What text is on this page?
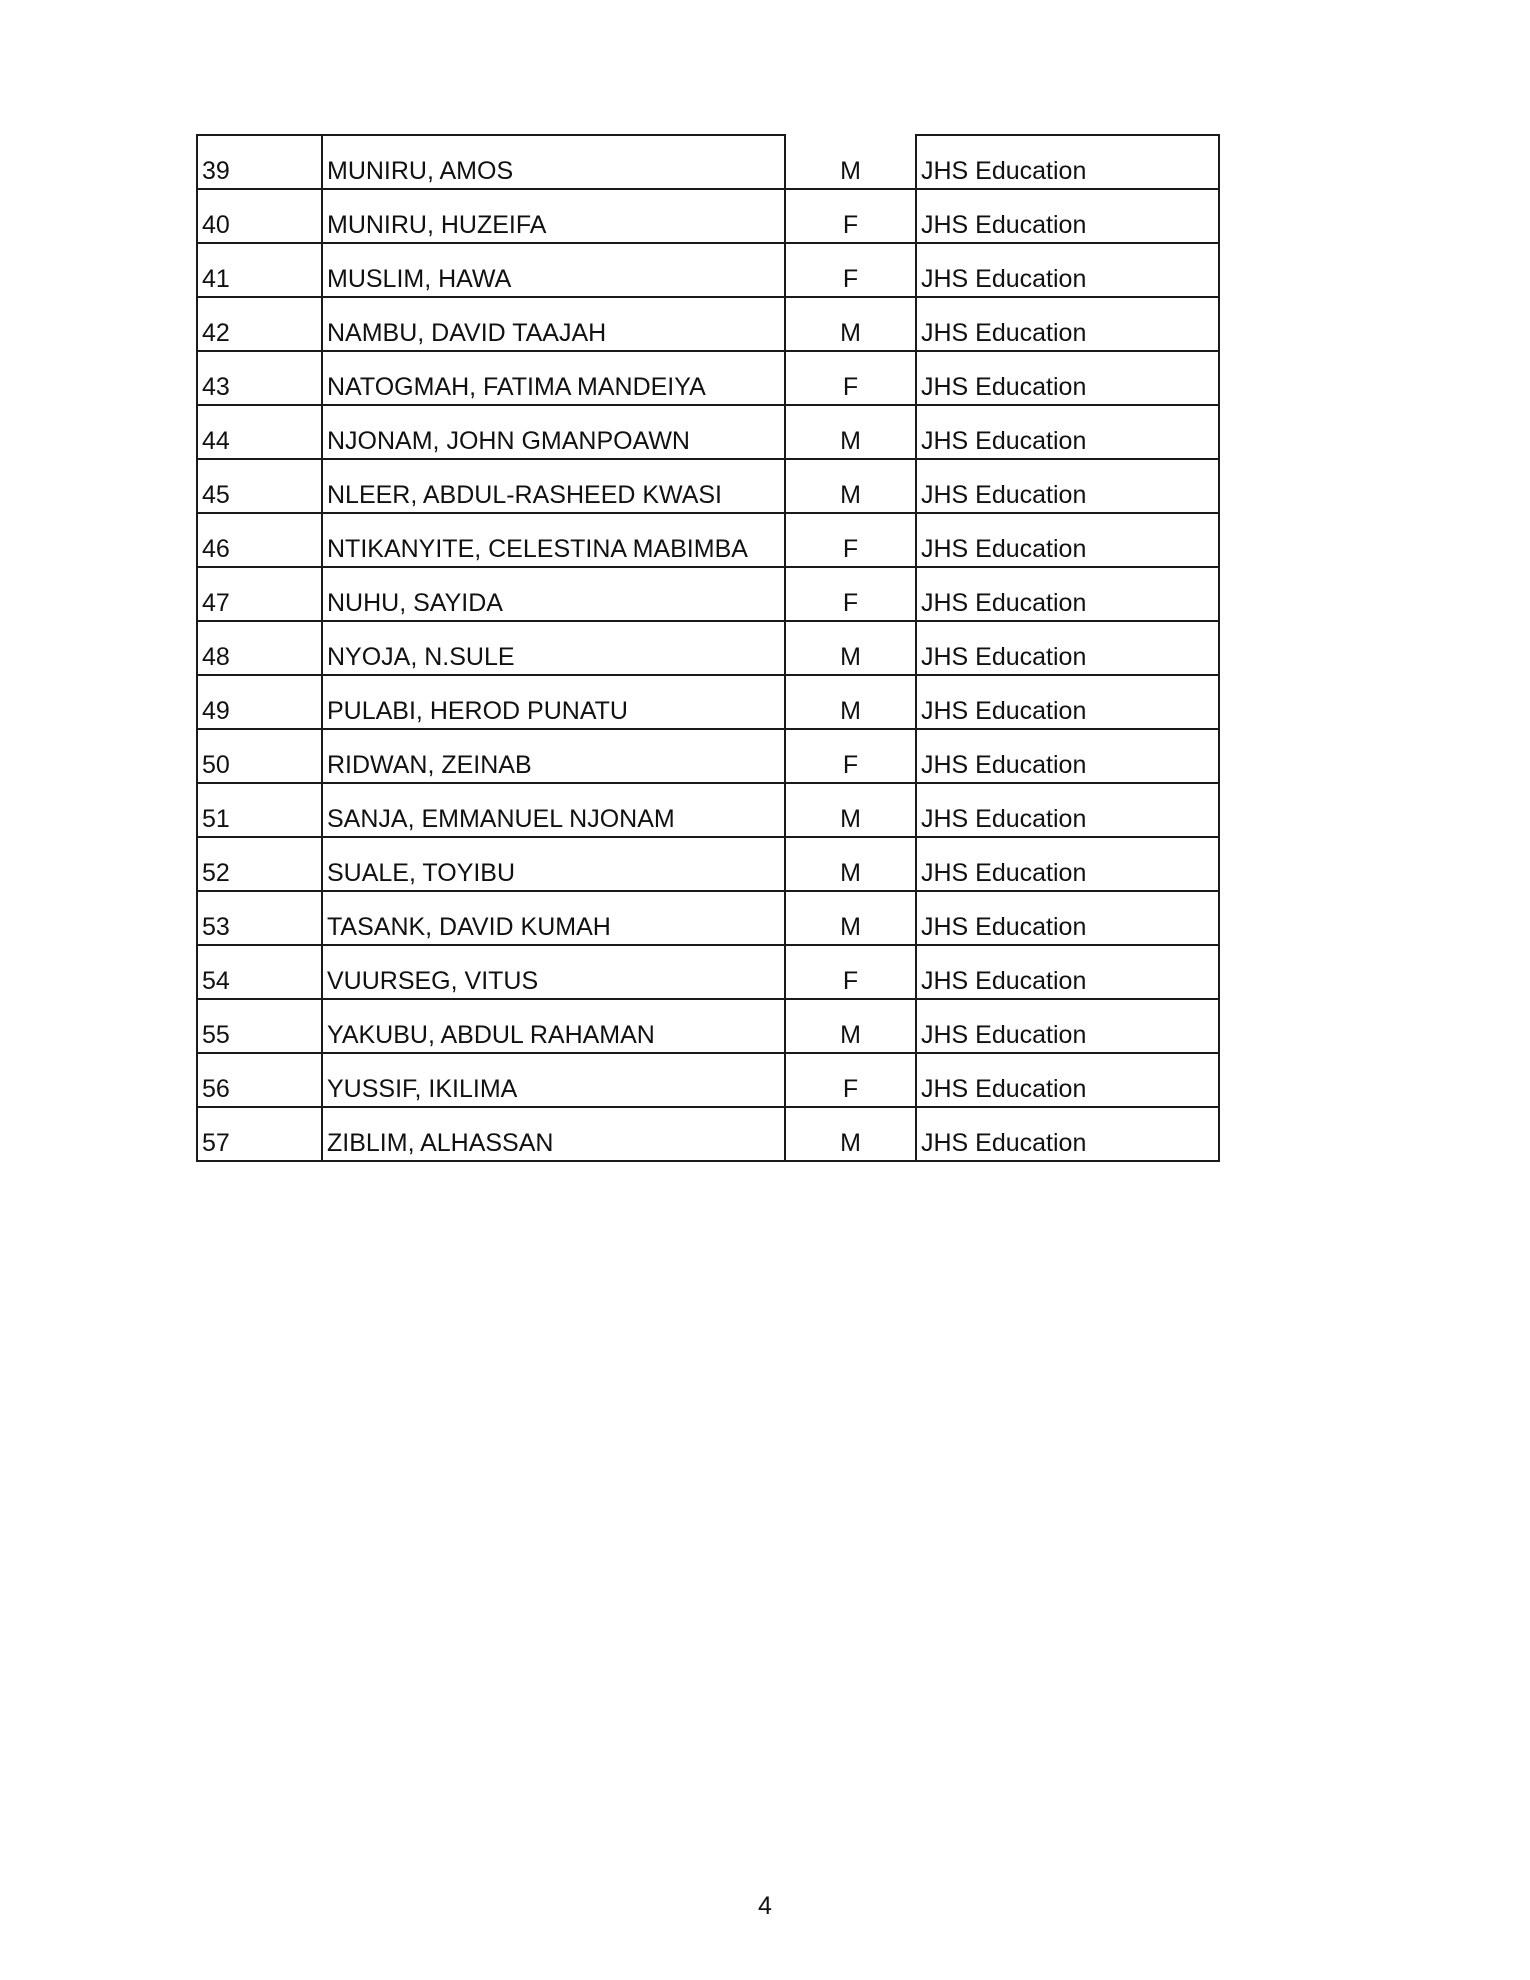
39	MUNIRU, AMOS	M	JHS Education
40	MUNIRU, HUZEIFA	F	JHS Education
41	MUSLIM, HAWA	F	JHS Education
42	NAMBU, DAVID TAAJAH	M	JHS Education
43	NATOGMAH, FATIMA MANDEIYA	F	JHS Education
44	NJONAM, JOHN GMANPOAWN	M	JHS Education
45	NLEER, ABDUL-RASHEED KWASI	M	JHS Education
46	NTIKANYITE, CELESTINA MABIMBA	F	JHS Education
47	NUHU, SAYIDA	F	JHS Education
48	NYOJA, N.SULE	M	JHS Education
49	PULABI, HEROD PUNATU	M	JHS Education
50	RIDWAN, ZEINAB	F	JHS Education
51	SANJA, EMMANUEL NJONAM	M	JHS Education
52	SUALE, TOYIBU	M	JHS Education
53	TASANK, DAVID KUMAH	M	JHS Education
54	VUURSEG, VITUS	F	JHS Education
55	YAKUBU, ABDUL RAHAMAN	M	JHS Education
56	YUSSIF, IKILIMA	F	JHS Education
57	ZIBLIM, ALHASSAN	M	JHS Education
4
